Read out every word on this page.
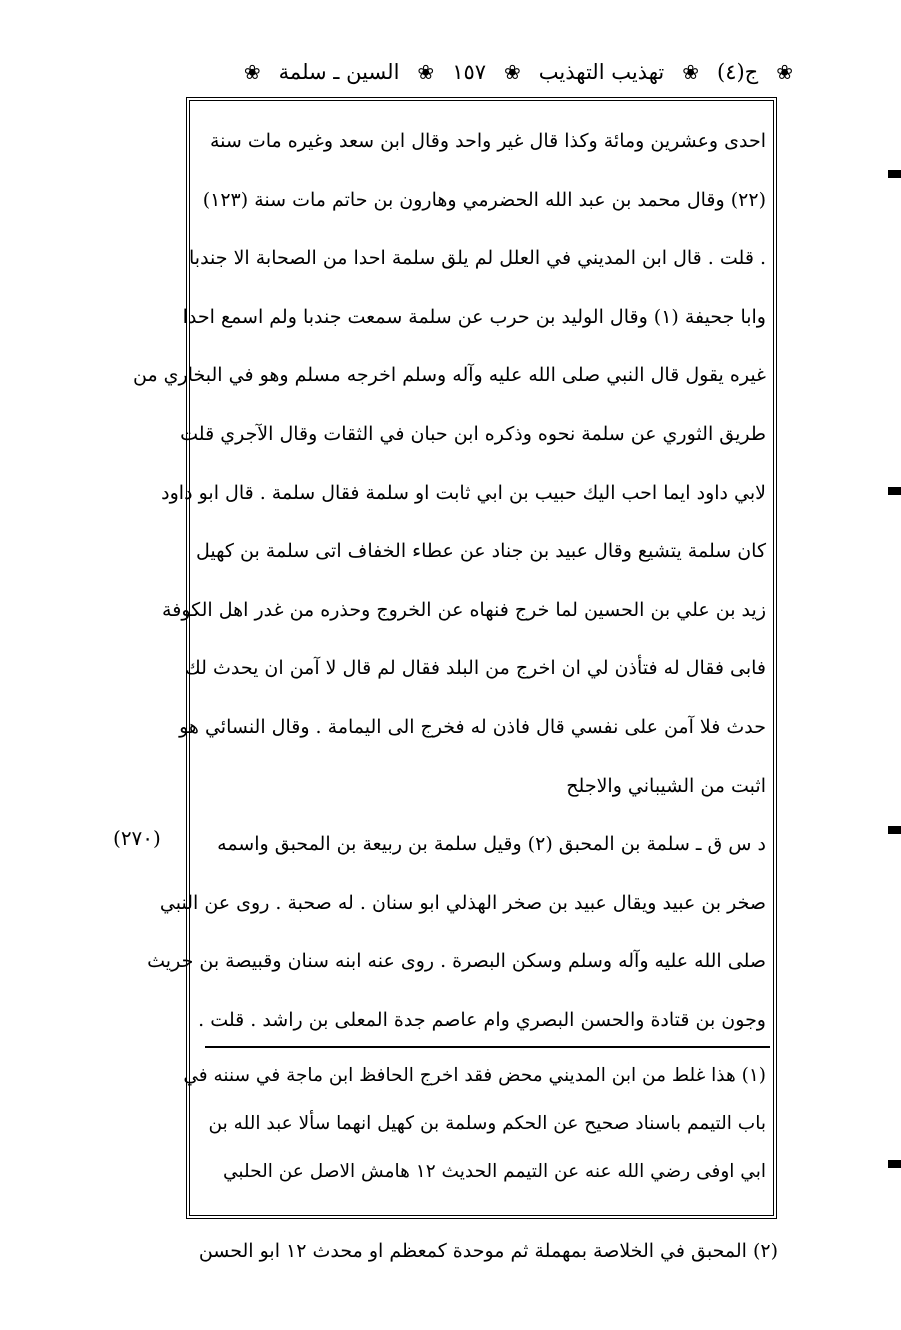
❀
ج(٤)
❀
تهذيب التهذيب
❀
١٥٧
❀
السين ـ سلمة
❀
احدى وعشرين ومائة وكذا قال غير واحد وقال ابن سعد وغيره مات سنة
(٢٢) وقال محمد بن عبد الله الحضرمي وهارون بن حاتم مات سنة (١٢٣)
. قلت . قال ابن المديني في العلل لم يلق سلمة احدا من الصحابة الا جندبا
وابا جحيفة (١) وقال الوليد بن حرب عن سلمة سمعت جندبا ولم اسمع احدا
غيره يقول قال النبي صلى الله عليه وآله وسلم اخرجه مسلم وهو في البخاري من
طريق الثوري عن سلمة نحوه وذكره ابن حبان في الثقات وقال الآجري قلت
لابي داود ايما احب اليك حبيب بن ابي ثابت او سلمة فقال سلمة . قال ابو داود
كان سلمة يتشيع وقال عبيد بن جناد عن عطاء الخفاف اتى سلمة بن كهيل
زيد بن علي بن الحسين لما خرج فنهاه عن الخروج وحذره من غدر اهل الكوفة
فابى فقال له فتأذن لي ان اخرج من البلد فقال لم قال لا آمن ان يحدث لك
حدث فلا آمن على نفسي قال فاذن له فخرج الى اليمامة . وقال النسائي هو
اثبت من الشيباني والاجلح
د س ق ـ سلمة بن المحبق (٢) وقيل سلمة بن ربيعة بن المحبق واسمه
صخر بن عبيد ويقال عبيد بن صخر الهذلي ابو سنان . له صحبة . روى عن النبي
صلى الله عليه وآله وسلم وسكن البصرة . روى عنه ابنه سنان وقبيصة بن حريث
وجون بن قتادة والحسن البصري وام عاصم جدة المعلى بن راشد . قلت .
(٢٧٠)
(١) هذا غلط من ابن المديني محض فقد اخرج الحافظ ابن ماجة في سننه في
باب التيمم باسناد صحيح عن الحكم وسلمة بن كهيل انهما سألا عبد الله بن
ابي اوفى رضي الله عنه عن التيمم الحديث ١٢ هامش الاصل عن الحلبي
(٢) المحبق في الخلاصة بمهملة ثم موحدة كمعظم او محدث ١٢ ابو الحسن
